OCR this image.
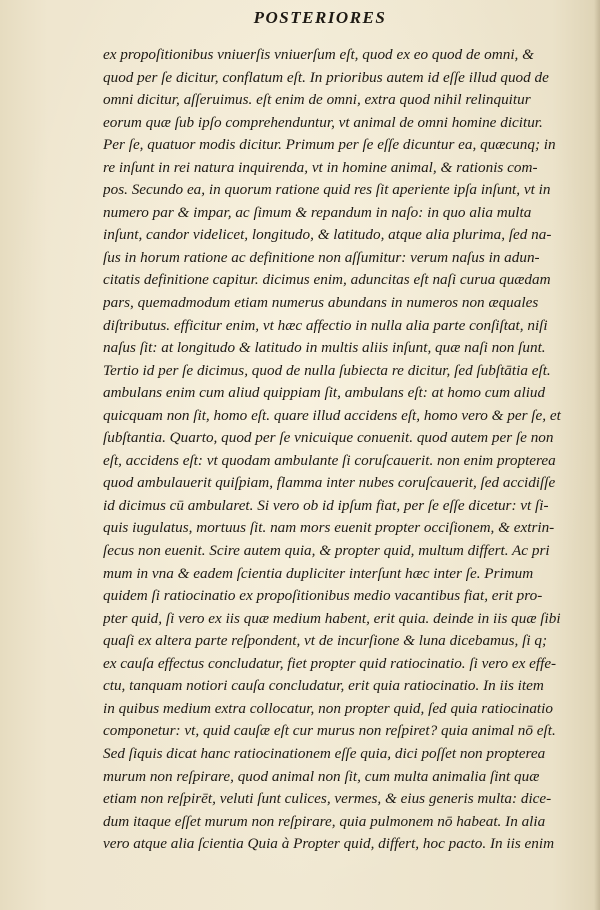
POSTERIORES
ex propoſitionibus vniuerſis vniuerſum eſt, quod ex eo quod de omni, &
quod per ſe dicitur, conflatum eſt. In prioribus autem id eſſe illud quod de
omni dicitur, aſſeruimus. eſt enim de omni, extra quod nihil relinquitur
eorum quæ ſub ipſo comprehenduntur, vt animal de omni homine dicitur.
Per ſe, quatuor modis dicitur. Primum per ſe eſſe dicuntur ea, quæcunq; in
re inſunt in rei natura inquirenda, vt in homine animal, & rationis com-
pos. Secundo ea, in quorum ratione quid res ſit aperiente ipſa inſunt, vt in
numero par & impar, ac ſimum & repandum in naſo: in quo alia multa
inſunt, candor videlicet, longitudo, & latitudo, atque alia plurima, ſed na-
ſus in horum ratione ac definitione non aſſumitur: verum naſus in adun-
citatis definitione capitur. dicimus enim, aduncitas eſt naſi curua quædam
pars, quemadmodum etiam numerus abundans in numeros non æquales
diſtributus. efficitur enim, vt hæc affectio in nulla alia parte conſiſtat, niſi
naſus ſit: at longitudo & latitudo in multis aliis inſunt, quæ naſi non ſunt.
Tertio id per ſe dicimus, quod de nulla ſubiecta re dicitur, ſed ſubſtātia eſt.
ambulans enim cum aliud quippiam ſit, ambulans eſt: at homo cum aliud
quicquam non ſit, homo eſt. quare illud accidens eſt, homo vero & per ſe, et
ſubſtantia. Quarto, quod per ſe vnicuique conuenit. quod autem per ſe non
eſt, accidens eſt: vt quodam ambulante ſi coruſcauerit. non enim propterea
quod ambulauerit quiſpiam, flamma inter nubes coruſcauerit, ſed accidiſſe
id dicimus cū ambularet. Si vero ob id ipſum fiat, per ſe eſſe dicetur: vt ſi-
quis iugulatus, mortuus ſit. nam mors euenit propter occiſionem, & extrin-
ſecus non euenit. Scire autem quia, & propter quid, multum differt. Ac pri
mum in vna & eadem ſcientia dupliciter interſunt hæc inter ſe. Primum
quidem ſi ratiocinatio ex propoſitionibus medio vacantibus fiat, erit pro-
pter quid, ſi vero ex iis quæ medium habent, erit quia. deinde in iis quæ ſibi
quaſi ex altera parte reſpondent, vt de incurſione & luna dicebamus, ſi q;
ex cauſa effectus concludatur, fiet propter quid ratiocinatio. ſi vero ex effe-
ctu, tanquam notiori cauſa concludatur, erit quia ratiocinatio. In iis item
in quibus medium extra collocatur, non propter quid, ſed quia ratiocinatio
componetur: vt, quid cauſæ eſt cur murus non reſpiret? quia animal nō eſt.
Sed ſiquis dicat hanc ratiocinationem eſſe quia, dici poſſet non propterea
murum non reſpirare, quod animal non ſit, cum multa animalia ſint quæ
etiam non reſpirēt, veluti ſunt culices, vermes, & eius generis multa: dice-
dum itaque eſſet murum non reſpirare, quia pulmonem nō habeat. In alia
vero atque alia ſcientia Quia à Propter quid, differt, hoc pacto. In iis enim
